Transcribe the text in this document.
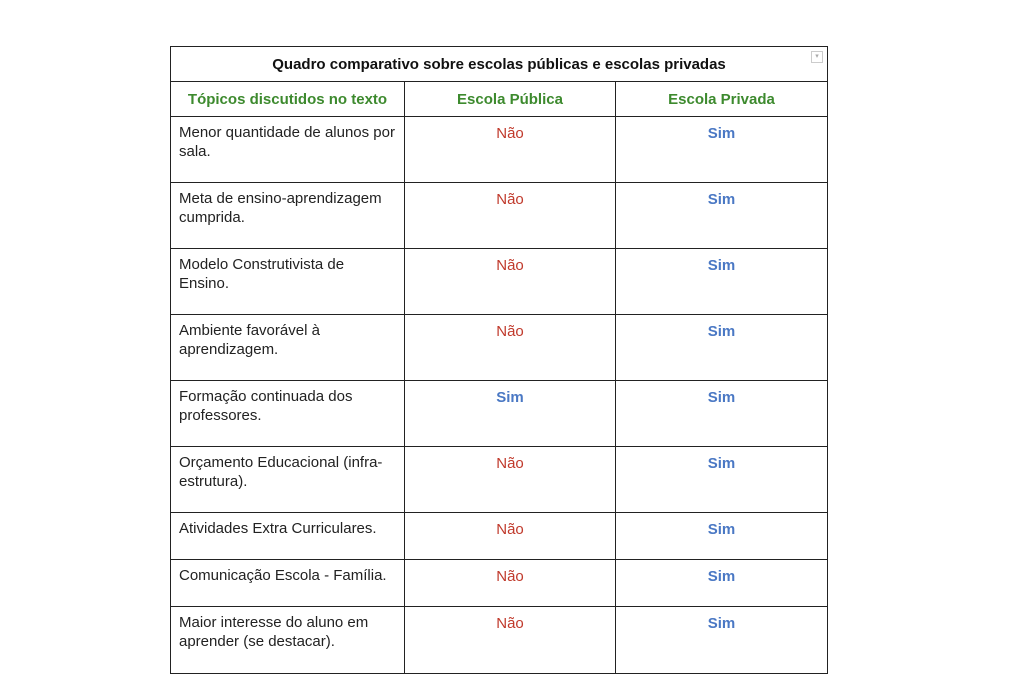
Quadro comparativo sobre escolas públicas e escolas privadas ▾		

Tópicos discutidos no texto	Escola Pública	Escola Privada
Menor quantidade de alunos por sala.	Não	Sim
Meta de ensino-aprendizagem cumprida.	Não	Sim
Modelo Construtivista de Ensino.	Não	Sim
Ambiente favorável à aprendizagem.	Não	Sim
Formação continuada dos professores.	Sim	Sim
Orçamento Educacional (infra-estrutura).	Não	Sim
Atividades Extra Curriculares.	Não	Sim
Comunicação Escola - Família.	Não	Sim
Maior interesse do aluno em aprender (se destacar).	Não	Sim
